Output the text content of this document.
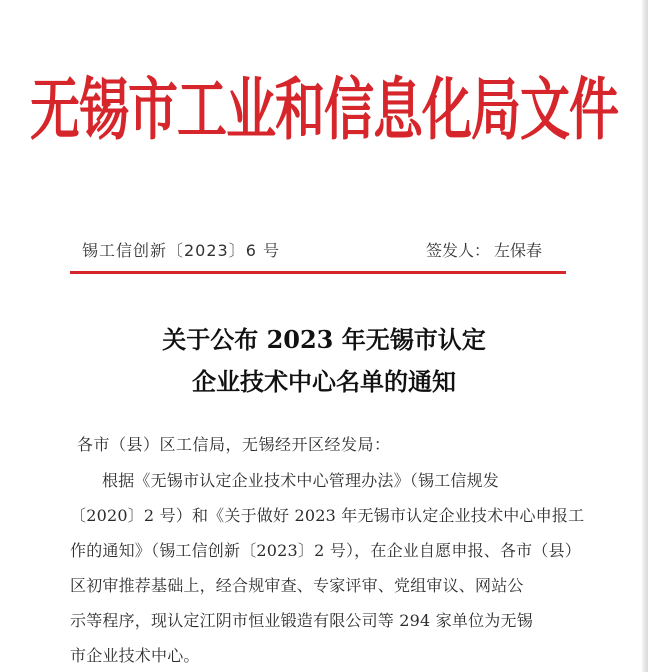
无锡市工业和信息化局文件
锡工信创新〔2023〕6 号	签发人： 左保春
关于公布 2023 年无锡市认定
企业技术中心名单的通知
各市（县）区工信局，无锡经开区经发局：
根据《无锡市认定企业技术中心管理办法》（锡工信规发
〔2020〕2 号）和《关于做好 2023 年无锡市认定企业技术中心申报工
作的通知》（锡工信创新〔2023〕2 号），在企业自愿申报、各市（县）
区初审推荐基础上，经合规审查、专家评审、党组审议、网站公
示等程序，现认定江阴市恒业锻造有限公司等 294 家单位为无锡
市企业技术中心。
